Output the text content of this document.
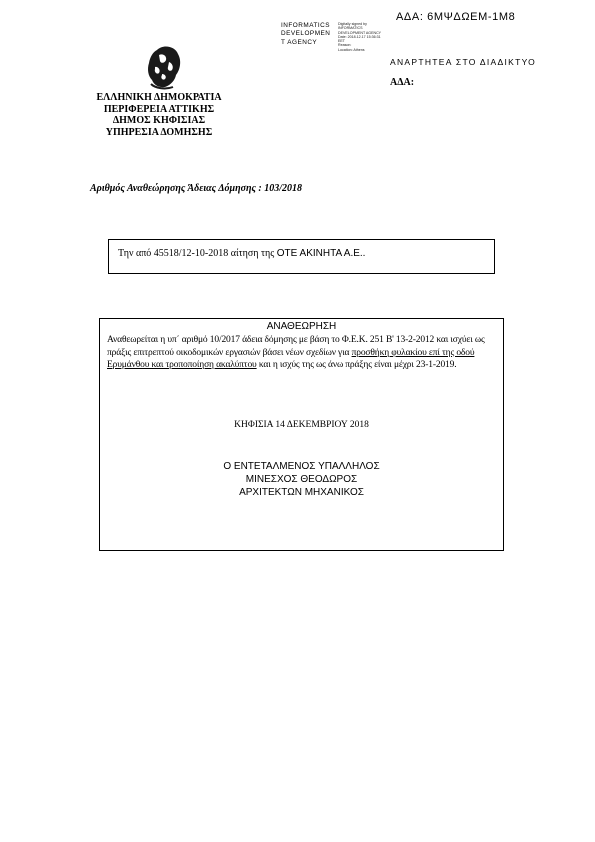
ΑΔΑ: 6ΜΨΔΩΕΜ-1Μ8
INFORMATICS
DEVELOPMEN
T AGENCY
Digitally signed by
INFORMATICS
DEVELOPMENT AGENCY
Date: 2018.12.17 15:36:31
EET
Reason:
Location: Athens
ΑΝΑΡΤΗΤΕΑ ΣΤΟ ΔΙΑΔΙΚΤΥΟ
ΑΔΑ:
ΕΛΛΗΝΙΚΗ ΔΗΜΟΚΡΑΤΙΑ
ΠΕΡΙΦΕΡΕΙΑ ΑΤΤΙΚΗΣ
ΔΗΜΟΣ ΚΗΦΙΣΙΑΣ
ΥΠΗΡΕΣΙΑ ΔΟΜΗΣΗΣ
Αριθμός Αναθεώρησης Άδειας Δόμησης : 103/2018
Την από 45518/12-10-2018 αίτηση της ΟΤΕ ΑΚΙΝΗΤΑ Α.Ε..
ΑΝΑΘΕΩΡΗΣΗ
Αναθεωρείται η υπ΄ αριθμό 10/2017 άδεια δόμησης με βάση το Φ.Ε.Κ. 251 Β' 13-2-2012 και ισχύει ως πράξις επιτρεπτού οικοδομικών εργασιών βάσει νέων σχεδίων για προσθήκη φυλακίου επί της οδού Ερυμάνθου και τροποποίηση ακαλύπτου και η ισχύς της ως άνω πράξης είναι μέχρι 23-1-2019.
ΚΗΦΙΣΙΑ 14 ΔΕΚΕΜΒΡΙΟΥ 2018
Ο ΕΝΤΕΤΑΛΜΕΝΟΣ ΥΠΑΛΛΗΛΟΣ
ΜΙΝΕΣΧΟΣ ΘΕΟΔΩΡΟΣ
ΑΡΧΙΤΕΚΤΩΝ ΜΗΧΑΝΙΚΟΣ
